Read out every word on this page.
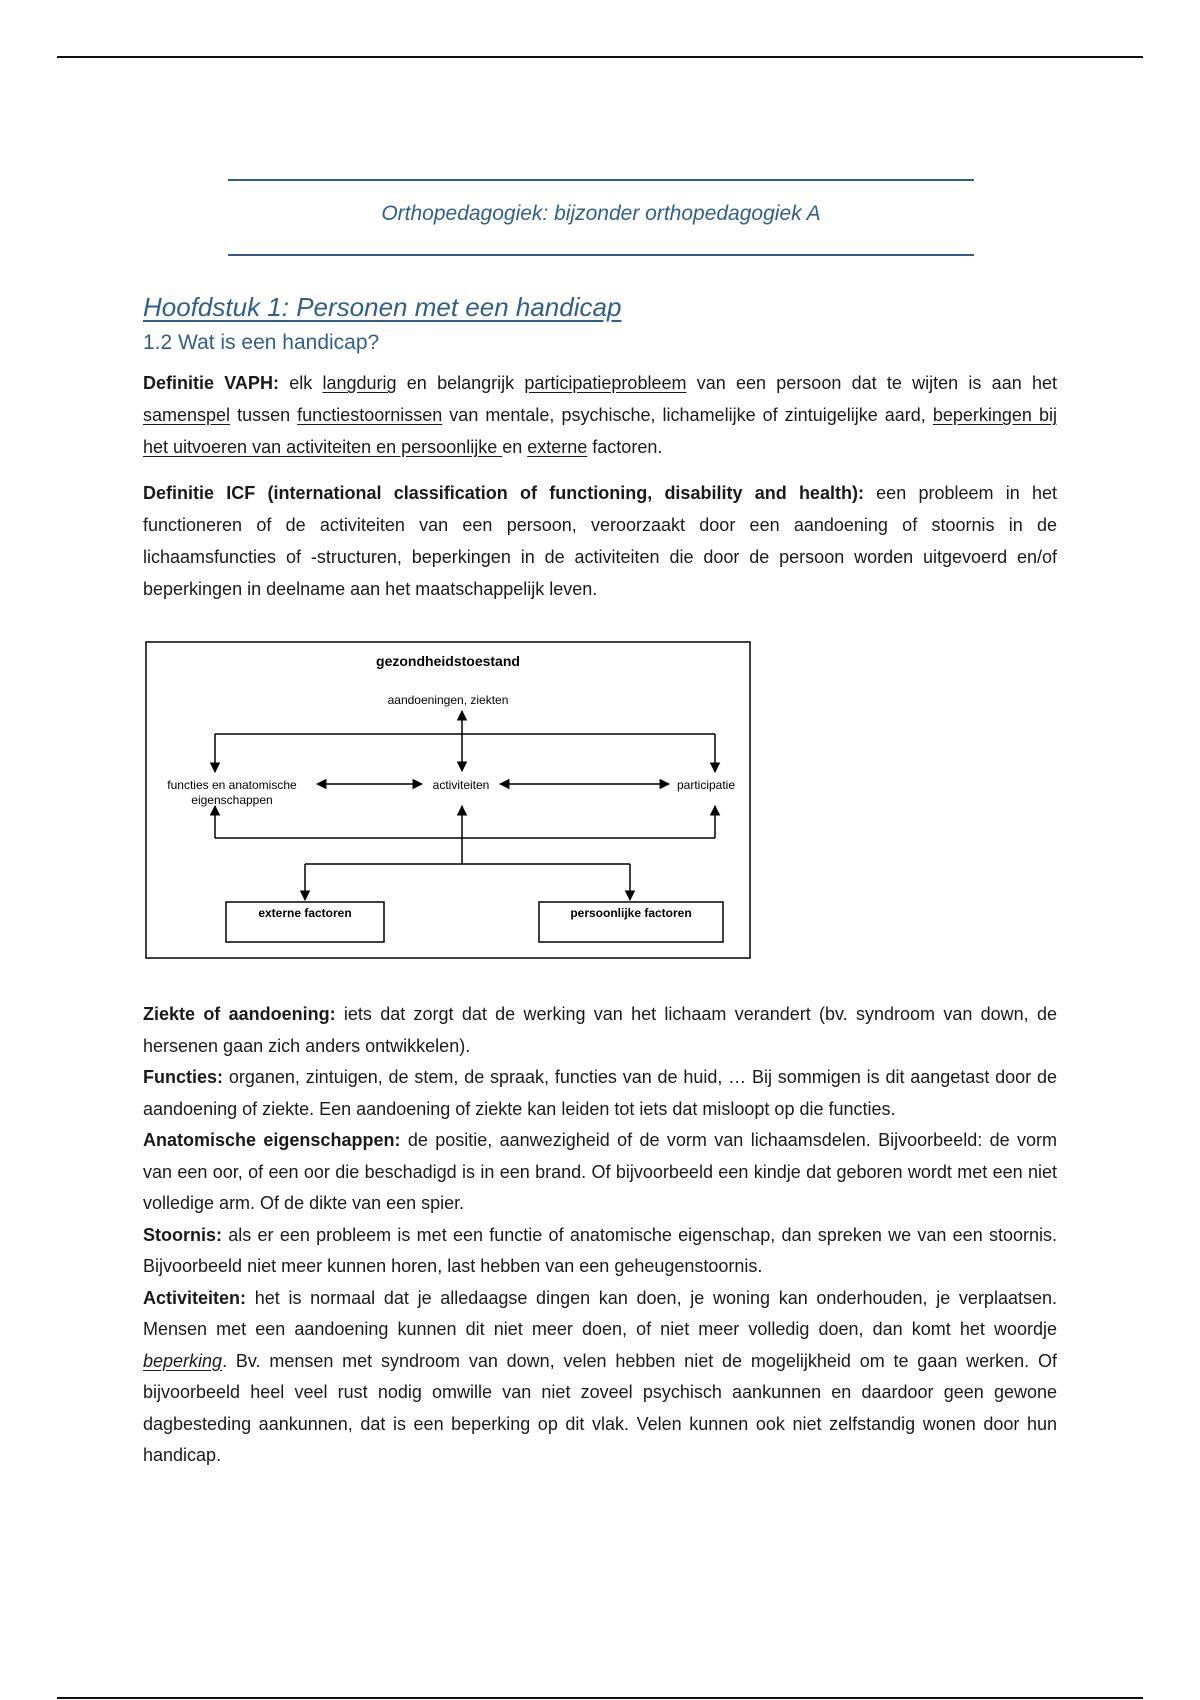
Orthopedagogiek: bijzonder orthopedagogiek A
Hoofdstuk 1: Personen met een handicap
1.2 Wat is een handicap?

Definitie VAPH: elk langdurig en belangrijk participatieprobleem van een persoon dat te wijten is aan het samenspel tussen functiestoornissen van mentale, psychische, lichamelijke of zintuigelijke aard, beperkingen bij het uitvoeren van activiteiten en persoonlijke en externe factoren.

Definitie ICF (international classification of functioning, disability and health): een probleem in het functioneren of de activiteiten van een persoon, veroorzaakt door een aandoening of stoornis in de lichaamsfuncties of -structuren, beperkingen in de activiteiten die door de persoon worden uitgevoerd en/of beperkingen in deelname aan het maatschappelijk leven.

gezondheidstoestand
aandoeningen, ziekten
functies en anatomische
eigenschappen
activiteiten	participatie
externe factoren	persoonlijke factoren

Ziekte of aandoening: iets dat zorgt dat de werking van het lichaam verandert (bv. syndroom van down, de hersenen gaan zich anders ontwikkelen).

Functies: organen, zintuigen, de stem, de spraak, functies van de huid, … Bij sommigen is dit aangetast door de aandoening of ziekte. Een aandoening of ziekte kan leiden tot iets dat misloopt op die functies.

Anatomische eigenschappen: de positie, aanwezigheid of de vorm van lichaamsdelen. Bijvoorbeeld: de vorm van een oor, of een oor die beschadigd is in een brand. Of bijvoorbeeld een kindje dat geboren wordt met een niet volledige arm. Of de dikte van een spier.

Stoornis: als er een probleem is met een functie of anatomische eigenschap, dan spreken we van een stoornis. Bijvoorbeeld niet meer kunnen horen, last hebben van een geheugenstoornis.

Activiteiten: het is normaal dat je alledaagse dingen kan doen, je woning kan onderhouden, je verplaatsen. Mensen met een aandoening kunnen dit niet meer doen, of niet meer volledig doen, dan komt het woordje beperking. Bv. mensen met syndroom van down, velen hebben niet de mogelijkheid om te gaan werken. Of bijvoorbeeld heel veel rust nodig omwille van niet zoveel psychisch aankunnen en daardoor geen gewone dagbesteding aankunnen, dat is een beperking op dit vlak. Velen kunnen ook niet zelfstandig wonen door hun handicap.
